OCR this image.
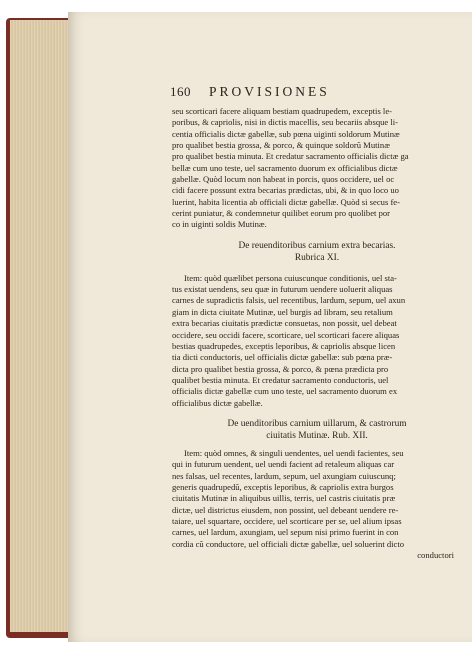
160 PROVISIONES
seu scorticari facere aliquam bestiam quadrupedem, exceptis le-
poribus, & capriolis, nisi in dictis macellis, seu becariis absque li-
centia officialis dictæ gabellæ, sub pœna uiginti soldorum Mutinæ
pro qualibet bestia grossa, & porco, & quinque soldorũ Mutinæ
pro qualibet bestia minuta. Et credatur sacramento officialis dictæ ga
bellæ cum uno teste, uel sacramento duorum ex officialibus dictæ
gabellæ. Quòd locum non habeat in porcis, quos occidere, uel oc
cidi facere possunt extra becarias prædictas, ubi, & in quo loco uo
luerint, habita licentia ab officiali dictæ gabellæ. Quòd si secus fe-
cerint puniatur, & condemnetur quilibet eorum pro quolibet por
co in uiginti soldis Mutinæ.
De reuenditoribus carnium extra becarias.
Rubrica XI.
Item: quòd quælibet persona cuiuscunque conditionis, uel sta-
tus existat uendens, seu quæ in futurum uendere uoluerit aliquas
carnes de supradictis falsis, uel recentibus, lardum, sepum, uel axun
giam in dicta ciuitate Mutinæ, uel burgis ad libram, seu retalium
extra becarias ciuitatis prædictæ consuetas, non possit, uel debeat
occidere, seu occidi facere, scorticare, uel scorticari facere aliquas
bestias quadrupedes, exceptis leporibus, & capriolis absque licen
tia dicti conductoris, uel officialis dictæ gabellæ: sub pœna præ-
dicta pro qualibet bestia grossa, & porco, & pœna prædicta pro
qualibet bestia minuta. Et credatur sacramento conductoris, uel
officialis dictæ gabellæ cum uno teste, uel sacramento duorum ex
officialibus dictæ gabellæ.
De uenditoribus carnium uillarum, & castrorum
ciuitatis Mutinæ. Rub. XII.
Item: quòd omnes, & singuli uendentes, uel uendi facientes, seu
qui in futurum uendent, uel uendi facient ad retaleum aliquas car
nes falsas, uel recentes, lardum, sepum, uel axungiam cuiuscunq;
generis quadrupedũ, exceptis leporibus, & capriolis extra burgos
ciuitatis Mutinæ in aliquibus uillis, terris, uel castris ciuitatis præ
dictæ, uel districtus eiusdem, non possint, uel debeant uendere re-
taiare, uel squartare, occidere, uel scorticare per se, uel alium ipsas
carnes, uel lardum, axungiam, uel sepum nisi primo fuerint in con
cordia cũ conductore, uel officiali dictæ gabellæ, uel soluerint dicto
conductori
